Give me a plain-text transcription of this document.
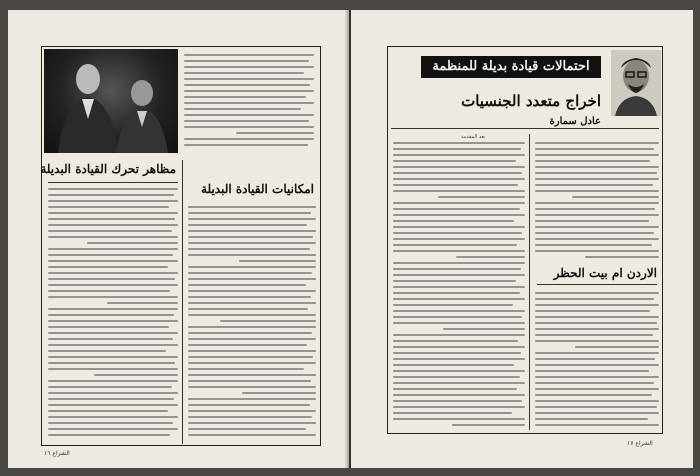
مظاهر تحرك القيادة البديلة
امكانيات القيادة البديلة
الشراع ١٦
احتمالات قيادة بديلة للمنظمة
اخراج متعدد الجنسيات
عادل سمارة
بعد المقدمة
الاردن ام بيت الحظر
الشراع ١٧
